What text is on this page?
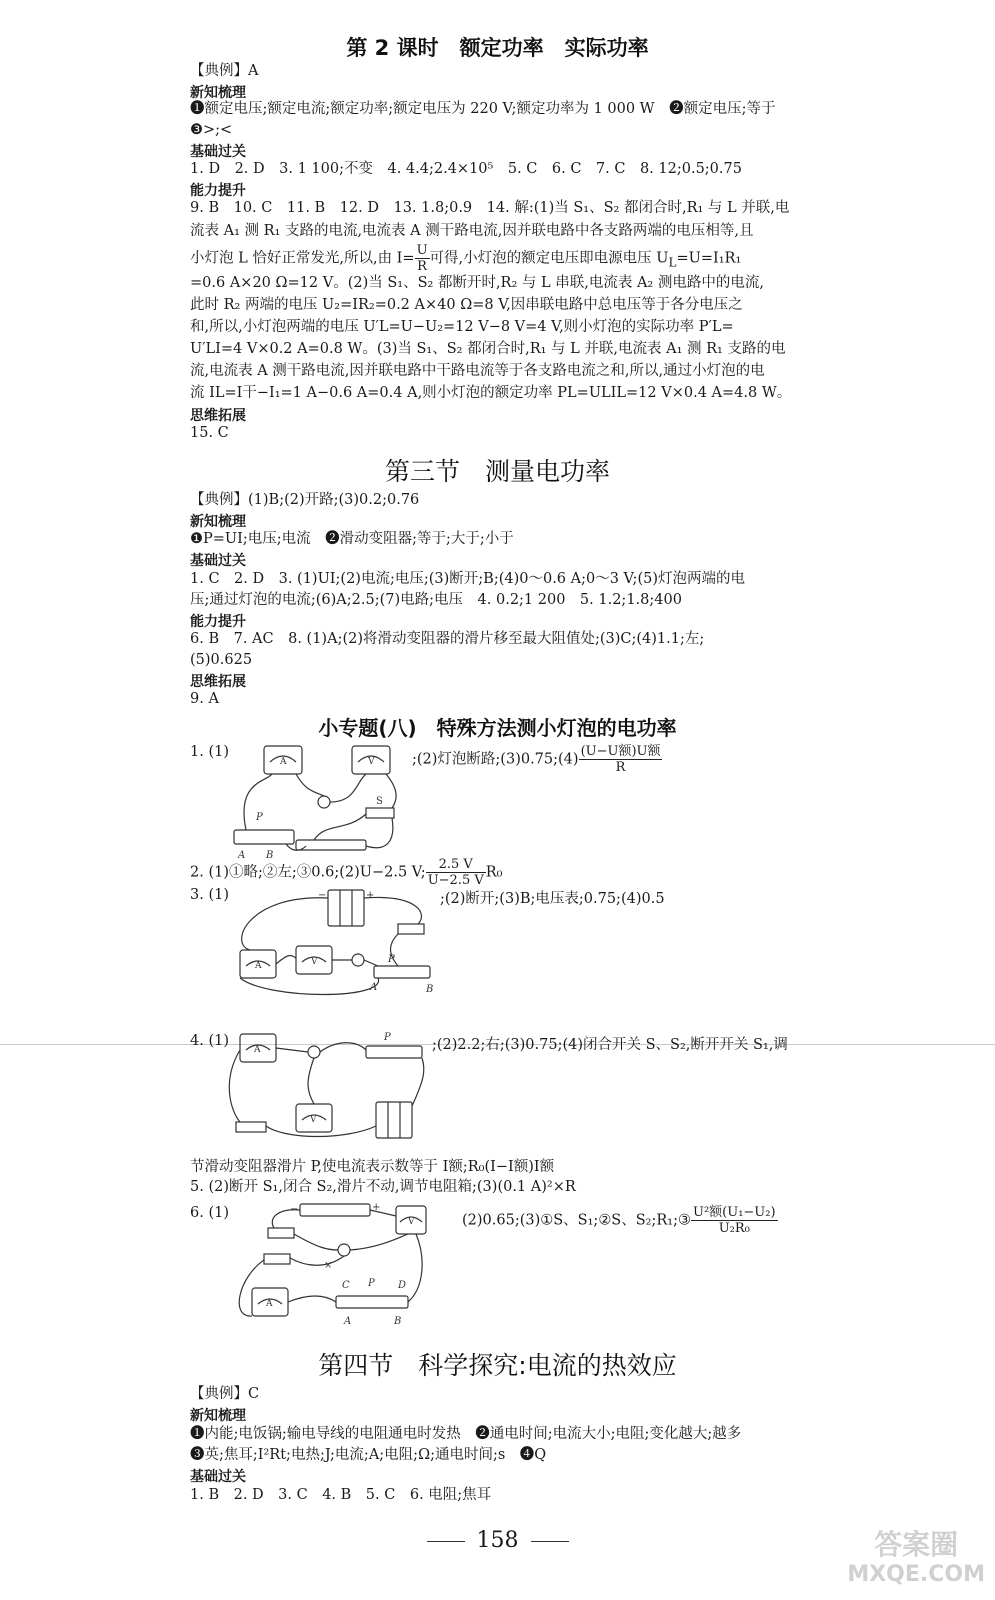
第 2 课时　额定功率　实际功率
【典例】A
新知梳理
❶额定电压;额定电流;额定功率;额定电压为 220 V;额定功率为 1 000 W　❷额定电压;等于
❸>;<
基础过关
1. D　2. D　3. 1 100;不变　4. 4.4;2.4×10⁵　5. C　6. C　7. C　8. 12;0.5;0.75
能力提升
9. B　10. C　11. B　12. D　13. 1.8;0.9　14. 解:(1)当 S₁、S₂ 都闭合时,R₁ 与 L 并联,电
流表 A₁ 测 R₁ 支路的电流,电流表 A 测干路电流,因并联电路中各支路两端的电压相等,且
小灯泡 L 恰好正常发光,所以,由 $I= \frac{U}{R}$ 可得,小灯泡的额定电压即电源电压 $U_L=U=I_1R_1$
=0.6 A×20 Ω=12 V。(2)当 S₁、S₂ 都断开时,R₂ 与 L 串联,电流表 A₂ 测电路中的电流,
此时 R₂ 两端的电压 U₂=IR₂=0.2 A×40 Ω=8 V,因串联电路中总电压等于各分电压之
和,所以,小灯泡两端的电压 U′L=U−U₂=12 V−8 V=4 V,则小灯泡的实际功率 P′L=
U′LI=4 V×0.2 A=0.8 W。(3)当 S₁、S₂ 都闭合时,R₁ 与 L 并联,电流表 A₁ 测 R₁ 支路的电
流,电流表 A 测干路电流,因并联电路中干路电流等于各支路电流之和,所以,通过小灯泡的电
流 IL=I干−I₁=1 A−0.6 A=0.4 A,则小灯泡的额定功率 PL=ULIL=12 V×0.4 A=4.8 W。
思维拓展
15. C
第三节　测量电功率
【典例】(1)B;(2)开路;(3)0.2;0.76
新知梳理
❶P=UI;电压;电流　❷滑动变阻器;等于;大于;小于
基础过关
1. C　2. D　3. (1)UI;(2)电流;电压;(3)断开;B;(4)0～0.6 A;0～3 V;(5)灯泡两端的电
压;通过灯泡的电流;(6)A;2.5;(7)电路;电压　4. 0.2;1 200　5. 1.2;1.8;400
能力提升
6. B　7. AC　8. (1)A;(2)将滑动变阻器的滑片移至最大阻值处;(3)C;(4)1.1;左;
(5)0.625
思维拓展
9. A
小专题(八)　特殊方法测小灯泡的电功率
1. (1)
A	V
P
A B
S
;(2)灯泡断路;(3)0.75;(4) $\frac{\text{(U−U额)U额}}{R}$
2. (1)①略;②左;③0.6;(2)U−2.5 V; $\frac{2.5 V}{U-2.5 V} R_0$
3. (1)	−	+
A	V	P
A	B
;(2)断开;(3)B;电压表;0.75;(4)0.5
4. (1)
A
V
P	;(2)2.2;右;(3)0.75;(4)闭合开关 S、S₂,断开开关 S₁,调
节滑动变阻器滑片 P,使电流表示数等于 I额;R₀(I−I额)I额
5. (2)断开 S₁,闭合 S₂,滑片不动,调节电阻箱;(3)(0.1 A)²×R
6. (1)	−	+
V
A
C P D
A	B
×
(2)0.65;(3)①S、S₁;②S、S₂;R₁;③ $\frac{\text{U²额(U₁−U₂)}}{\text{U₂R₀}}$
第四节　科学探究:电流的热效应
【典例】C
新知梳理
❶内能;电饭锅;输电导线的电阻通电时发热　❷通电时间;电流大小;电阻;变化越大;越多
❸英;焦耳;I²Rt;电热;J;电流;A;电阻;Ω;通电时间;s　❹Q
基础过关
1. B　2. D　3. C　4. B　5. C　6. 电阻;焦耳
158	答案圈
MXQE.COM
